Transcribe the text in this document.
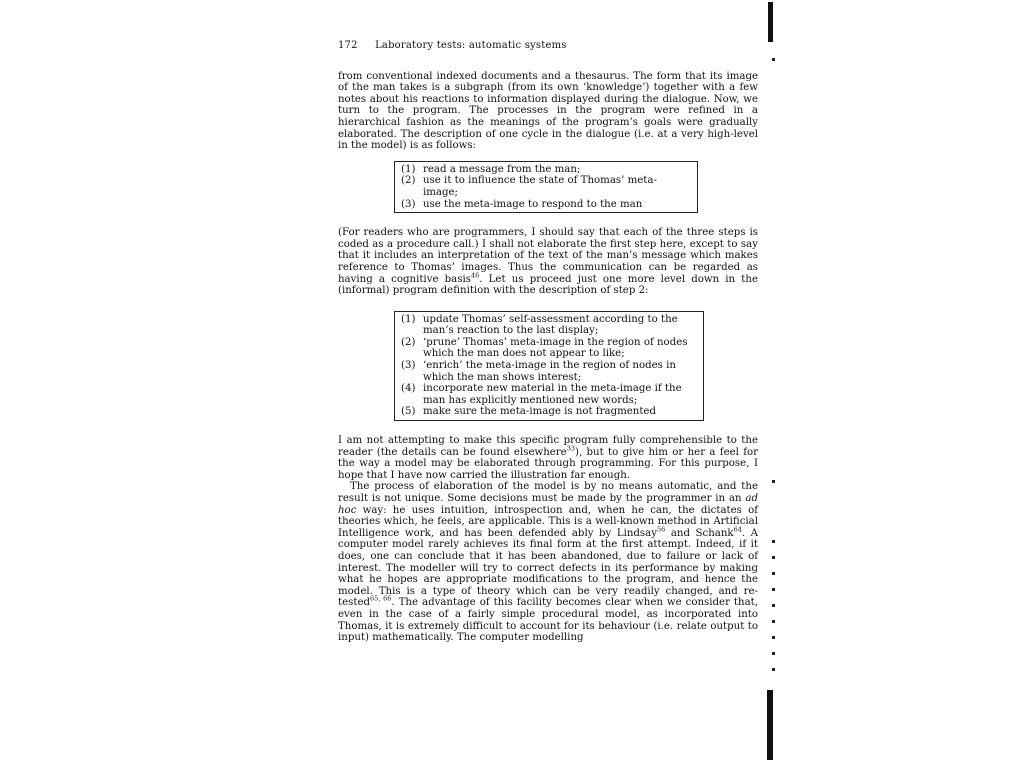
172 Laboratory tests: automatic systems

from conventional indexed documents and a thesaurus. The form that its image of the man takes is a subgraph (from its own ‘knowledge’) together with a few notes about his reactions to information displayed during the dialogue. Now, we turn to the program. The processes in the program were refined in a hierarchical fashion as the meanings of the program’s goals were gradually elaborated. The description of one cycle in the dialogue (i.e. at a very high-level in the model) is as follows:

(1) read a message from the man;
(2) use it to influence the state of Thomas’ meta-image;
(3) use the meta-image to respond to the man

(For readers who are programmers, I should say that each of the three steps is coded as a procedure call.) I shall not elaborate the first step here, except to say that it includes an interpretation of the text of the man’s message which makes reference to Thomas’ images. Thus the communication can be regarded as having a cognitive basis$^{46}$. Let us proceed just one more level down in the (informal) program definition with the description of step 2:

(1) update Thomas’ self-assessment according to the man’s reaction to the last display;
(2) ‘prune’ Thomas’ meta-image in the region of nodes which the man does not appear to like;
(3) ‘enrich’ the meta-image in the region of nodes in which the man shows interest;
(4) incorporate new material in the meta-image if the man has explicitly mentioned new words;
(5) make sure the meta-image is not fragmented

I am not attempting to make this specific program fully comprehensible to the reader (the details can be found elsewhere$^{33}$), but to give him or her a feel for the way a model may be elaborated through programming. For this purpose, I hope that I have now carried the illustration far enough.

The process of elaboration of the model is by no means automatic, and the result is not unique. Some decisions must be made by the programmer in an ad hoc way: he uses intuition, introspection and, when he can, the dictates of theories which, he feels, are applicable. This is a well-known method in Artificial Intelligence work, and has been defended ably by Lindsay$^{56}$ and Schank$^{64}$. A computer model rarely achieves its final form at the first attempt. Indeed, if it does, one can conclude that it has been abandoned, due to failure or lack of interest. The modeller will try to correct defects in its performance by making what he hopes are appropriate modifications to the program, and hence the model. This is a type of theory which can be very readily changed, and re-tested$^{65, 66}$. The advantage of this facility becomes clear when we consider that, even in the case of a fairly simple procedural model, as incorporated into Thomas, it is extremely difficult to account for its behaviour (i.e. relate output to input) mathematically. The computer modelling
